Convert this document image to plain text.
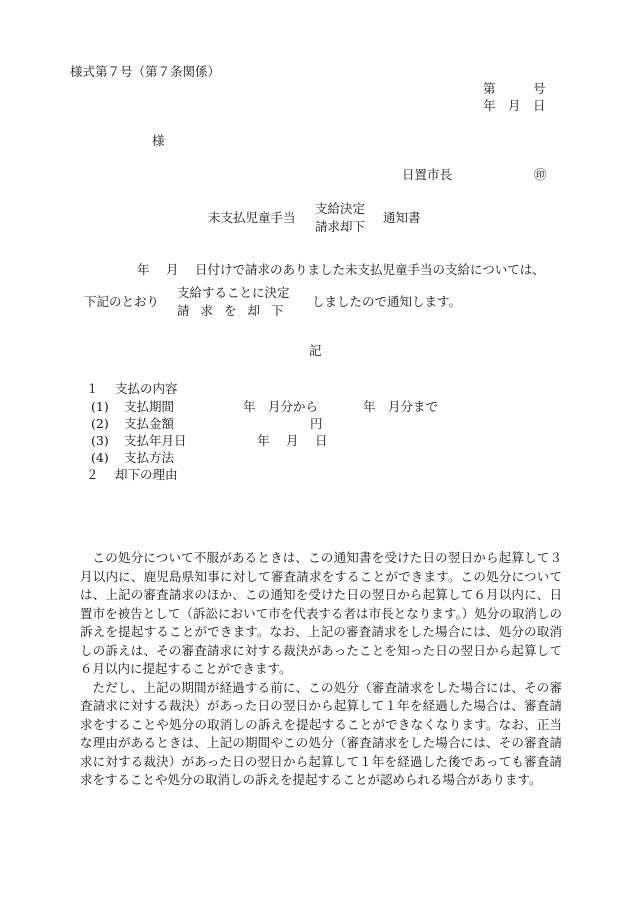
様式第７号（第７条関係）
第　　　号
年　月　日
様
日置市長	㊞
未支払児童手当
支給決定
請求却下
通知書
年　 月　 日付けで請求のありました未支払児童手当の支給については、
下記のとおり
支給することに決定
請求を却下
しましたので通知します。
記
１　 支払の内容
(1) 支払期間	年　月分から	年　月分まで
(2) 支払金額	円
(3) 支払年月日	年　 月　 日
(4) 支払方法
２　 却下の理由

この処分について不服があるときは、この通知書を受けた日の翌日から起算して３月以内に、鹿児島県知事に対して審査請求をすることができます。この処分については、上記の審査請求のほか、この通知を受けた日の翌日から起算して６月以内に、日置市を被告として（訴訟において市を代表する者は市長となります。）処分の取消しの訴えを提起することができます。なお、上記の審査請求をした場合には、処分の取消しの訴えは、その審査請求に対する裁決があったことを知った日の翌日から起算して６月以内に提起することができます。

ただし、上記の期間が経過する前に、この処分（審査請求をした場合には、その審査請求に対する裁決）があった日の翌日から起算して１年を経過した場合は、審査請求をすることや処分の取消しの訴えを提起することができなくなります。なお、正当な理由があるときは、上記の期間やこの処分（審査請求をした場合には、その審査請求に対する裁決）があった日の翌日から起算して１年を経過した後であっても審査請求をすることや処分の取消しの訴えを提起することが認められる場合があります。
